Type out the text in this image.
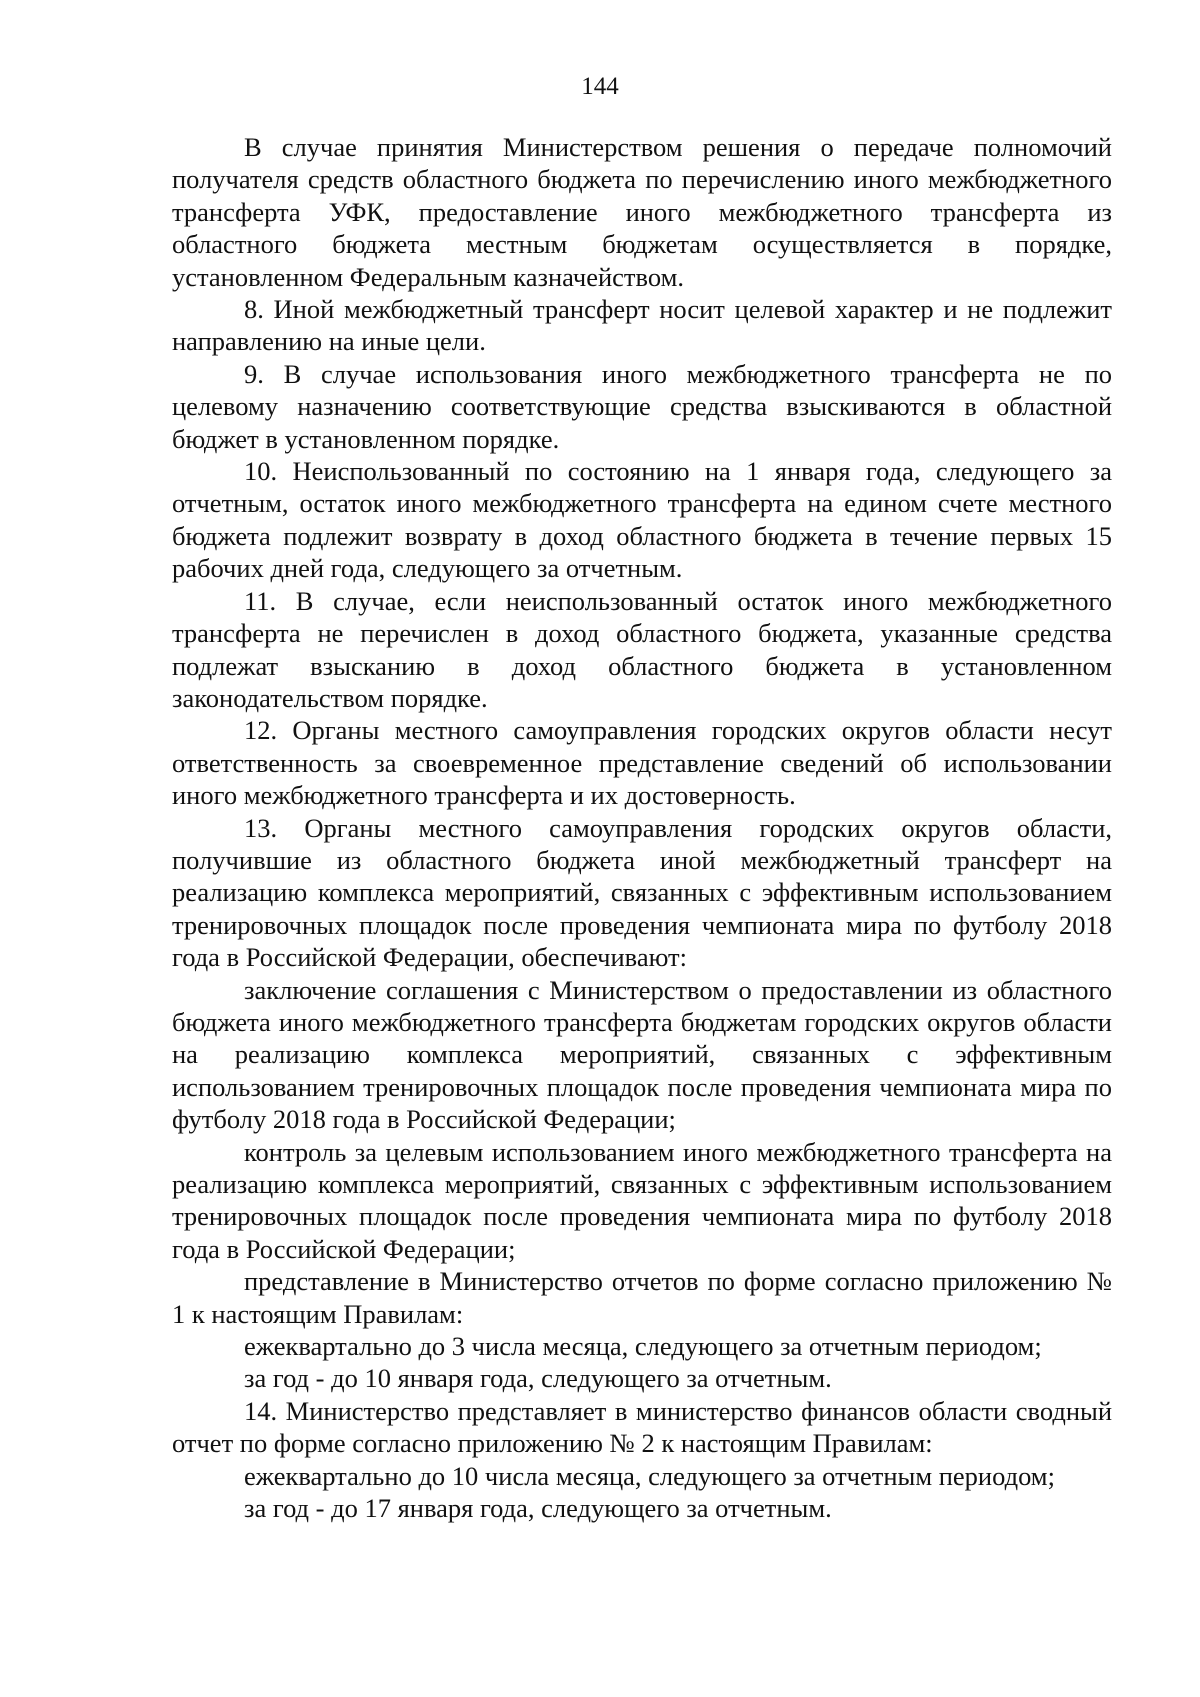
144

В случае принятия Министерством решения о передаче полномочий получателя средств областного бюджета по перечислению иного межбюджетного трансферта УФК, предоставление иного межбюджетного трансферта из областного бюджета местным бюджетам осуществляется в порядке, установленном Федеральным казначейством.

8. Иной межбюджетный трансферт носит целевой характер и не подлежит направлению на иные цели.

9. В случае использования иного межбюджетного трансферта не по целевому назначению соответствующие средства взыскиваются в областной бюджет в установленном порядке.

10. Неиспользованный по состоянию на 1 января года, следующего за отчетным, остаток иного межбюджетного трансферта на едином счете местного бюджета подлежит возврату в доход областного бюджета в течение первых 15 рабочих дней года, следующего за отчетным.

11. В случае, если неиспользованный остаток иного межбюджетного трансферта не перечислен в доход областного бюджета, указанные средства подлежат взысканию в доход областного бюджета в установленном законодательством порядке.

12. Органы местного самоуправления городских округов области несут ответственность за своевременное представление сведений об использовании иного межбюджетного трансферта и их достоверность.

13. Органы местного самоуправления городских округов области, получившие из областного бюджета иной межбюджетный трансферт на реализацию комплекса мероприятий, связанных с эффективным использованием тренировочных площадок после проведения чемпионата мира по футболу 2018 года в Российской Федерации, обеспечивают:

заключение соглашения с Министерством о предоставлении из областного бюджета иного межбюджетного трансферта бюджетам городских округов области на реализацию комплекса мероприятий, связанных с эффективным использованием тренировочных площадок после проведения чемпионата мира по футболу 2018 года в Российской Федерации;

контроль за целевым использованием иного межбюджетного трансферта на реализацию комплекса мероприятий, связанных с эффективным использованием тренировочных площадок после проведения чемпионата мира по футболу 2018 года в Российской Федерации;

представление в Министерство отчетов по форме согласно приложению № 1 к настоящим Правилам:

ежеквартально до 3 числа месяца, следующего за отчетным периодом;

за год - до 10 января года, следующего за отчетным.

14. Министерство представляет в министерство финансов области сводный отчет по форме согласно приложению № 2 к настоящим Правилам:

ежеквартально до 10 числа месяца, следующего за отчетным периодом;

за год - до 17 января года, следующего за отчетным.
